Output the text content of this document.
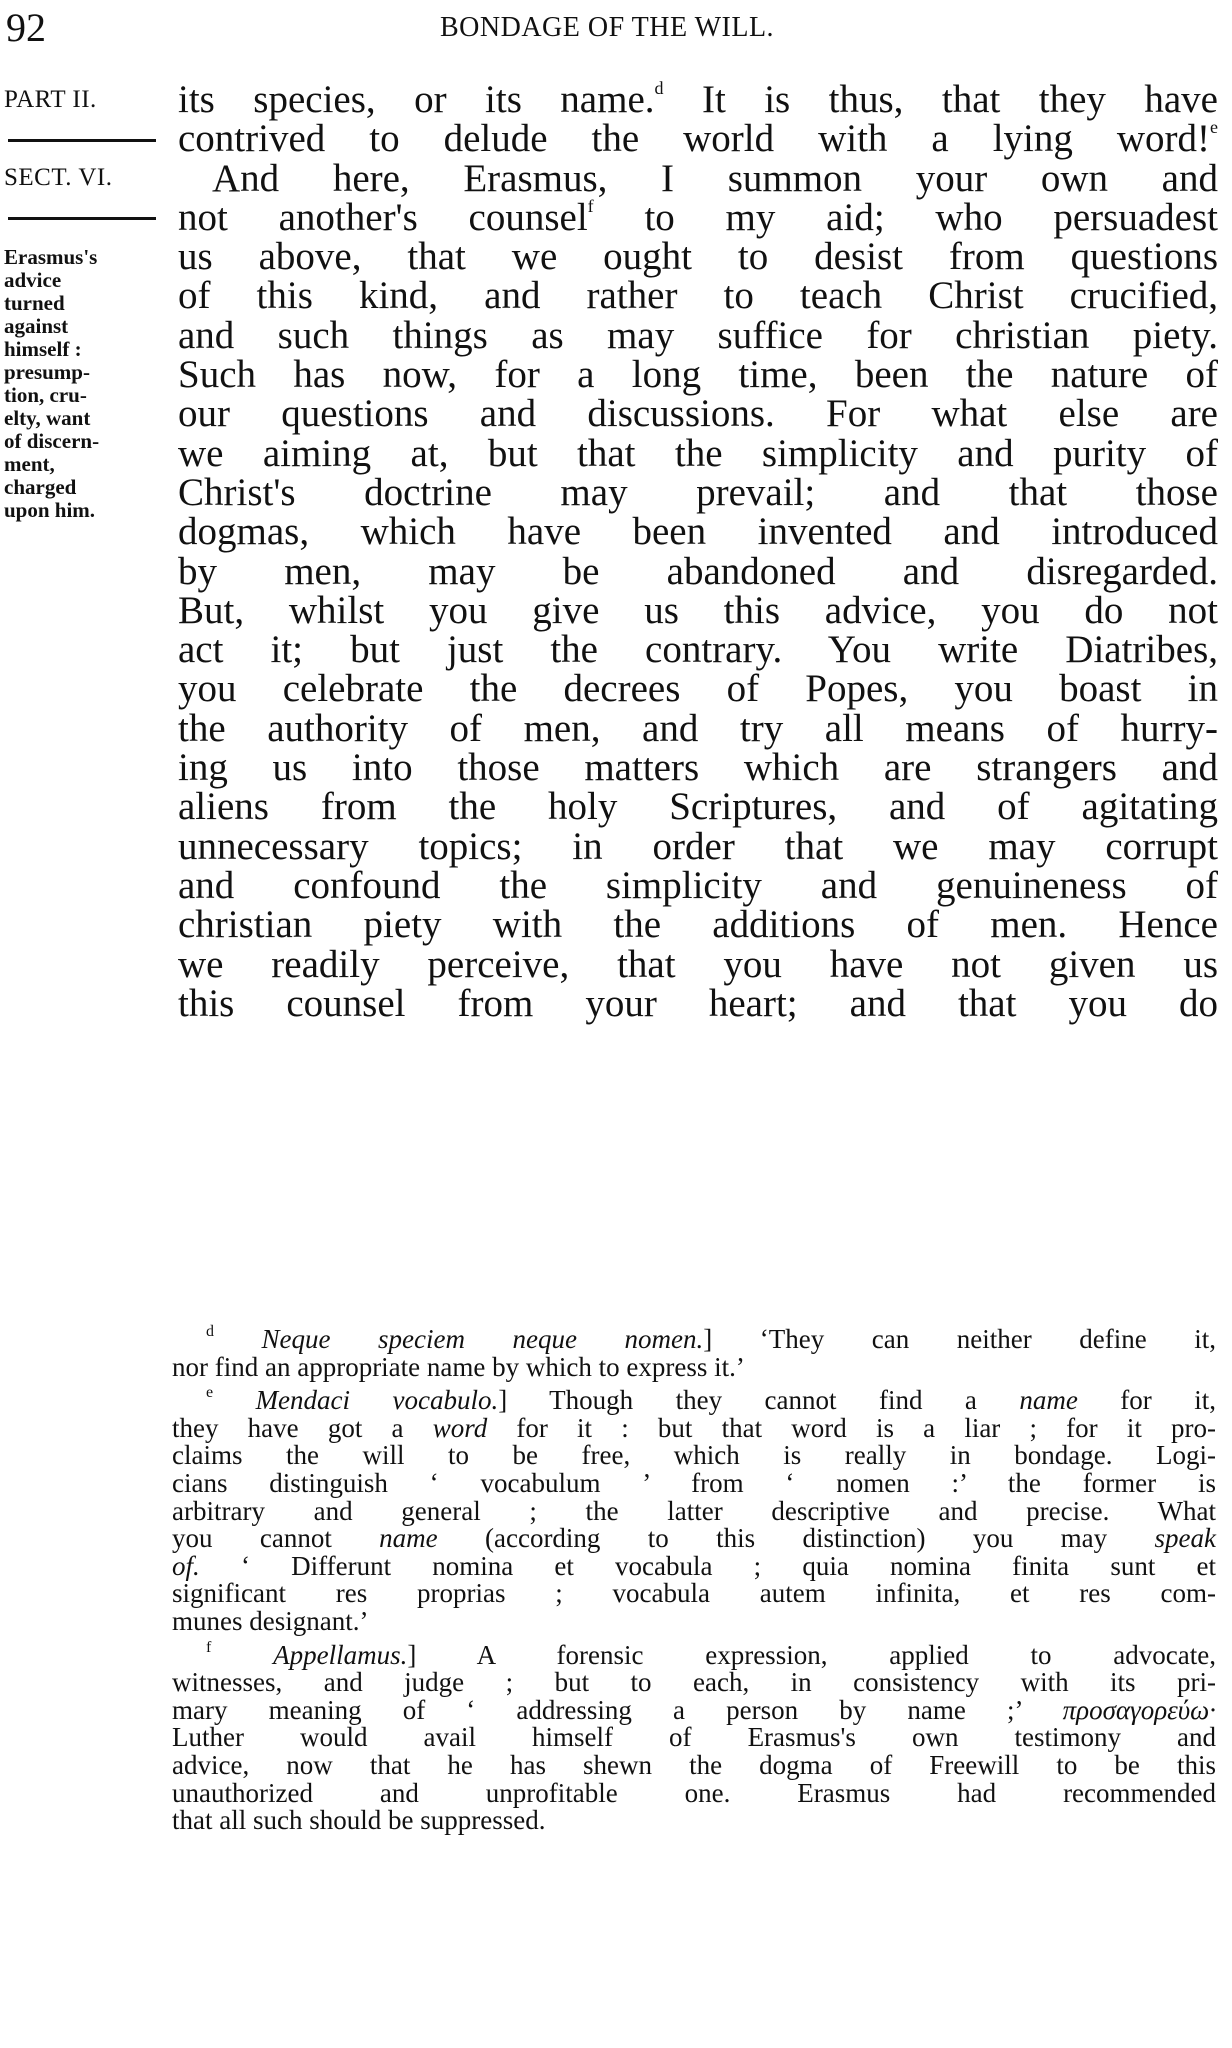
92	BONDAGE OF THE WILL.
PART II.
SECT. VI.
Erasmus's
advice
turned
against
himself :
presump-
tion, cru-
elty, want
of discern-
ment,
charged
upon him.
its species, or its name.$^d$ It is thus, that they have
contrived to delude the world with a lying word!$^e$
And here, Erasmus, I summon your own and
not another's counsel$^f$ to my aid; who persuadest
us above, that we ought to desist from questions
of this kind, and rather to teach Christ crucified,
and such things as may suffice for christian piety.
Such has now, for a long time, been the nature of
our questions and discussions. For what else are
we aiming at, but that the simplicity and purity of
Christ's doctrine may prevail; and that those
dogmas, which have been invented and introduced
by men, may be abandoned and disregarded.
But, whilst you give us this advice, you do not
act it; but just the contrary. You write Diatribes,
you celebrate the decrees of Popes, you boast in
the authority of men, and try all means of hurry-
ing us into those matters which are strangers and
aliens from the holy Scriptures, and of agitating
unnecessary topics; in order that we may corrupt
and confound the simplicity and genuineness of
christian piety with the additions of men. Hence
we readily perceive, that you have not given us
this counsel from your heart; and that you do
$^d$ Neque speciem neque nomen.] ‘They can neither define it,
nor find an appropriate name by which to express it.’
$^e$ Mendaci vocabulo.] Though they cannot find a name for it,
they have got a word for it : but that word is a liar ; for it pro-
claims the will to be free, which is really in bondage. Logi-
cians distinguish ‘ vocabulum ’ from ‘ nomen :’ the former is
arbitrary and general ; the latter descriptive and precise. What
you cannot name (according to this distinction) you may speak
of. ‘ Differunt nomina et vocabula ; quia nomina finita sunt et
significant res proprias ; vocabula autem infinita, et res com-
munes designant.’
$^f$ Appellamus.] A forensic expression, applied to advocate,
witnesses, and judge ; but to each, in consistency with its pri-
mary meaning of ‘ addressing a person by name ;’ προσαγορεύω·
Luther would avail himself of Erasmus's own testimony and
advice, now that he has shewn the dogma of Freewill to be this
unauthorized and unprofitable one. Erasmus had recommended
that all such should be suppressed.
